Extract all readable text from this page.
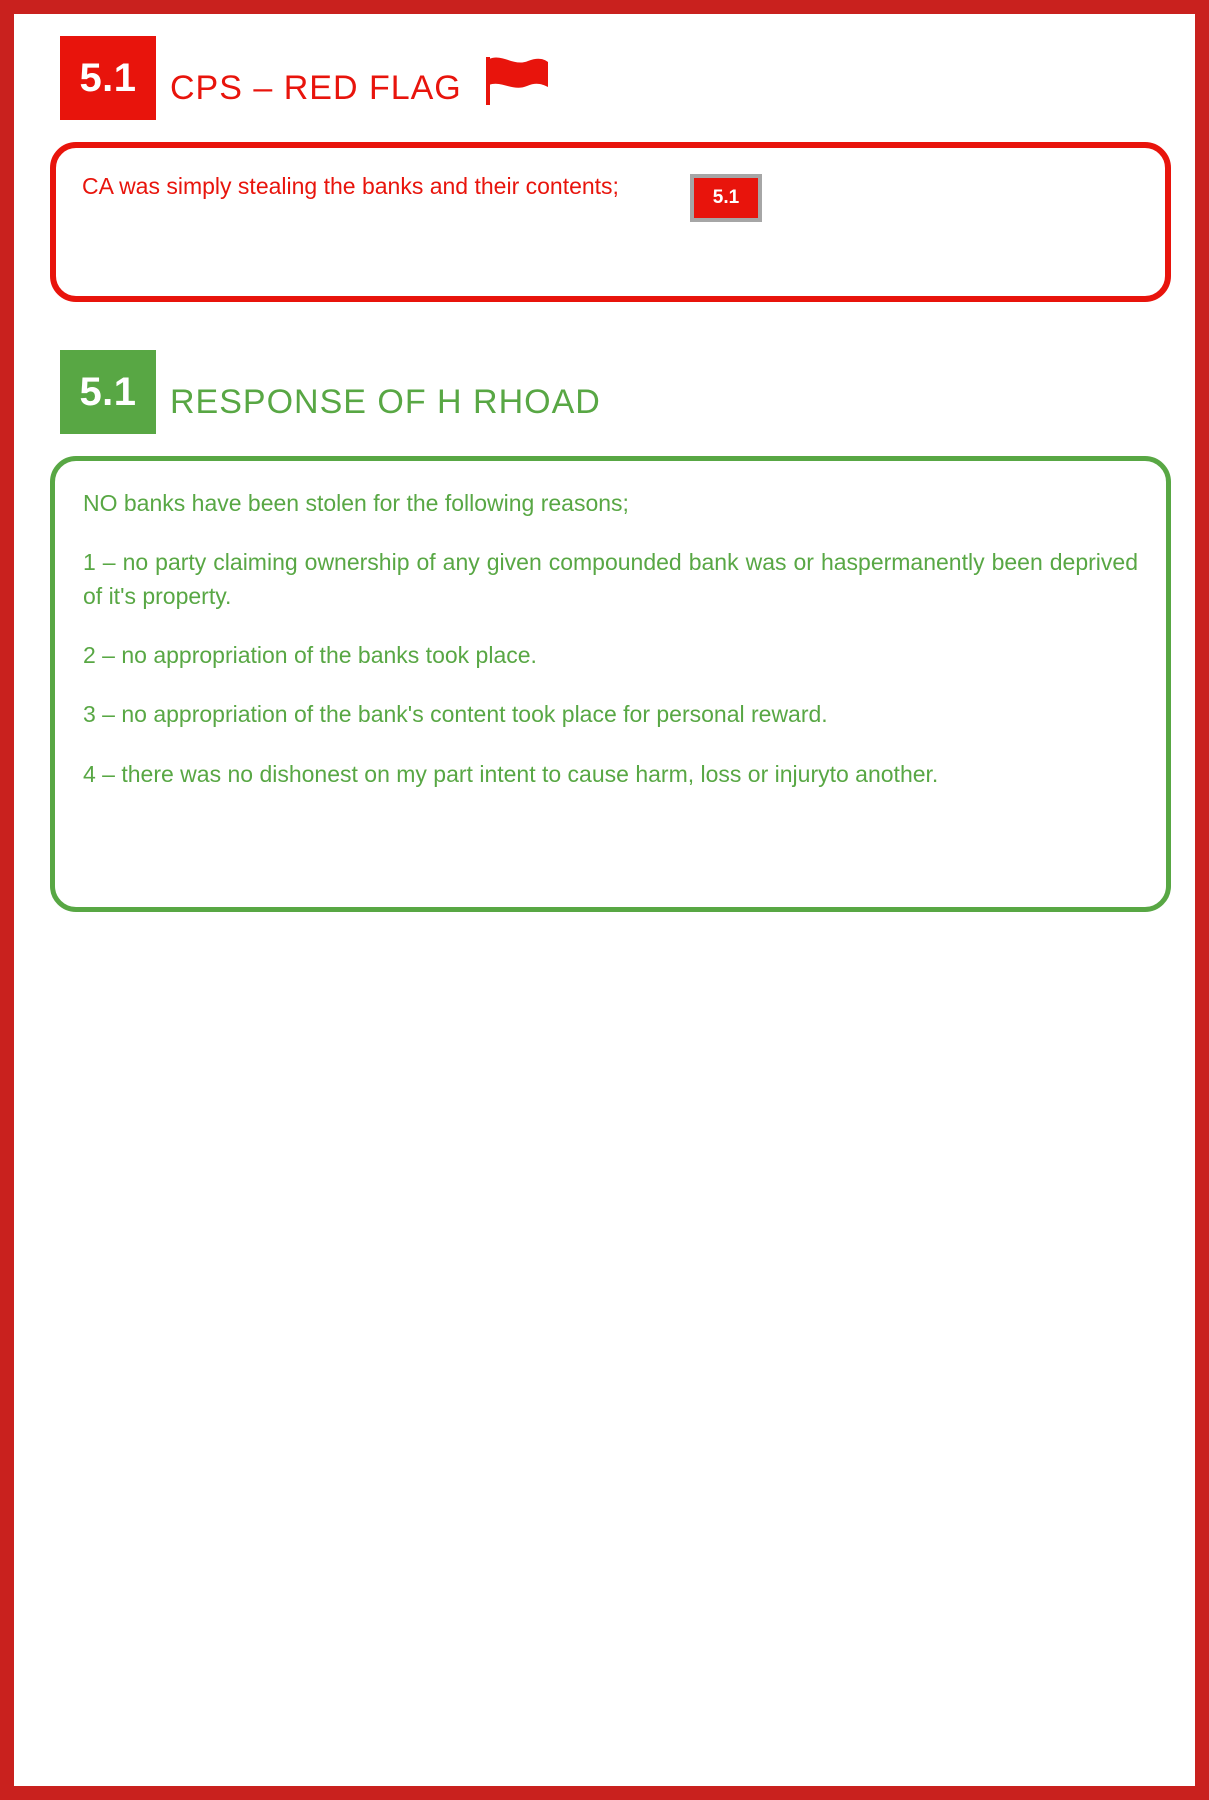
5.1 CPS – RED FLAG

CA was simply stealing the banks and their contents;	5.1
5.1 RESPONSE OF H RHOAD

NO banks have been stolen for the following reasons;

1 – no party claiming ownership of any given compounded bank was or haspermanently been deprived of it's property.

2 – no appropriation of the banks took place.

3 – no appropriation of the bank's content took place for personal reward.

4 – there was no dishonest on my part intent to cause harm, loss or injuryto another.
